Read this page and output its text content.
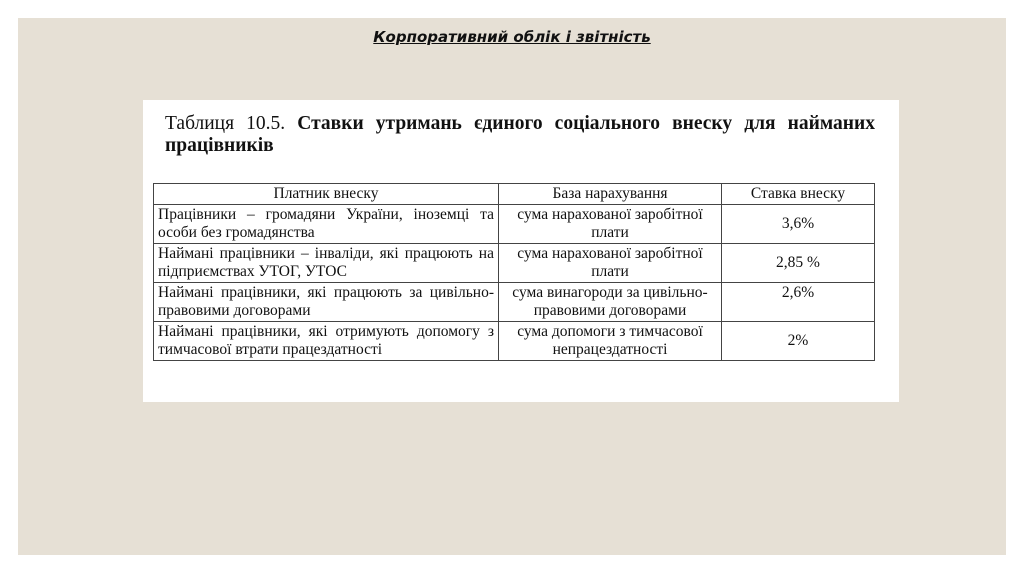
Корпоративний облік і звітність
Таблиця 10.5. Ставки утримань єдиного соціального внеску для найманих працівників
Платник внеску	База нарахування	Ставка внеску
Працівники – громадяни України, іноземці та особи без громадянства	сума нарахованої заробітної плати	3,6%
Наймані працівники – інваліди, які працюють на підприємствах УТОГ, УТОС	сума нарахованої заробітної плати	2,85 %
Наймані працівники, які працюють за цивільно-правовими договорами	сума винагороди за цивільно-правовими договорами	2,6%
Наймані працівники, які отримують допомогу з тимчасової втрати працездатності	сума допомоги з тимчасової непрацездатності	2%
